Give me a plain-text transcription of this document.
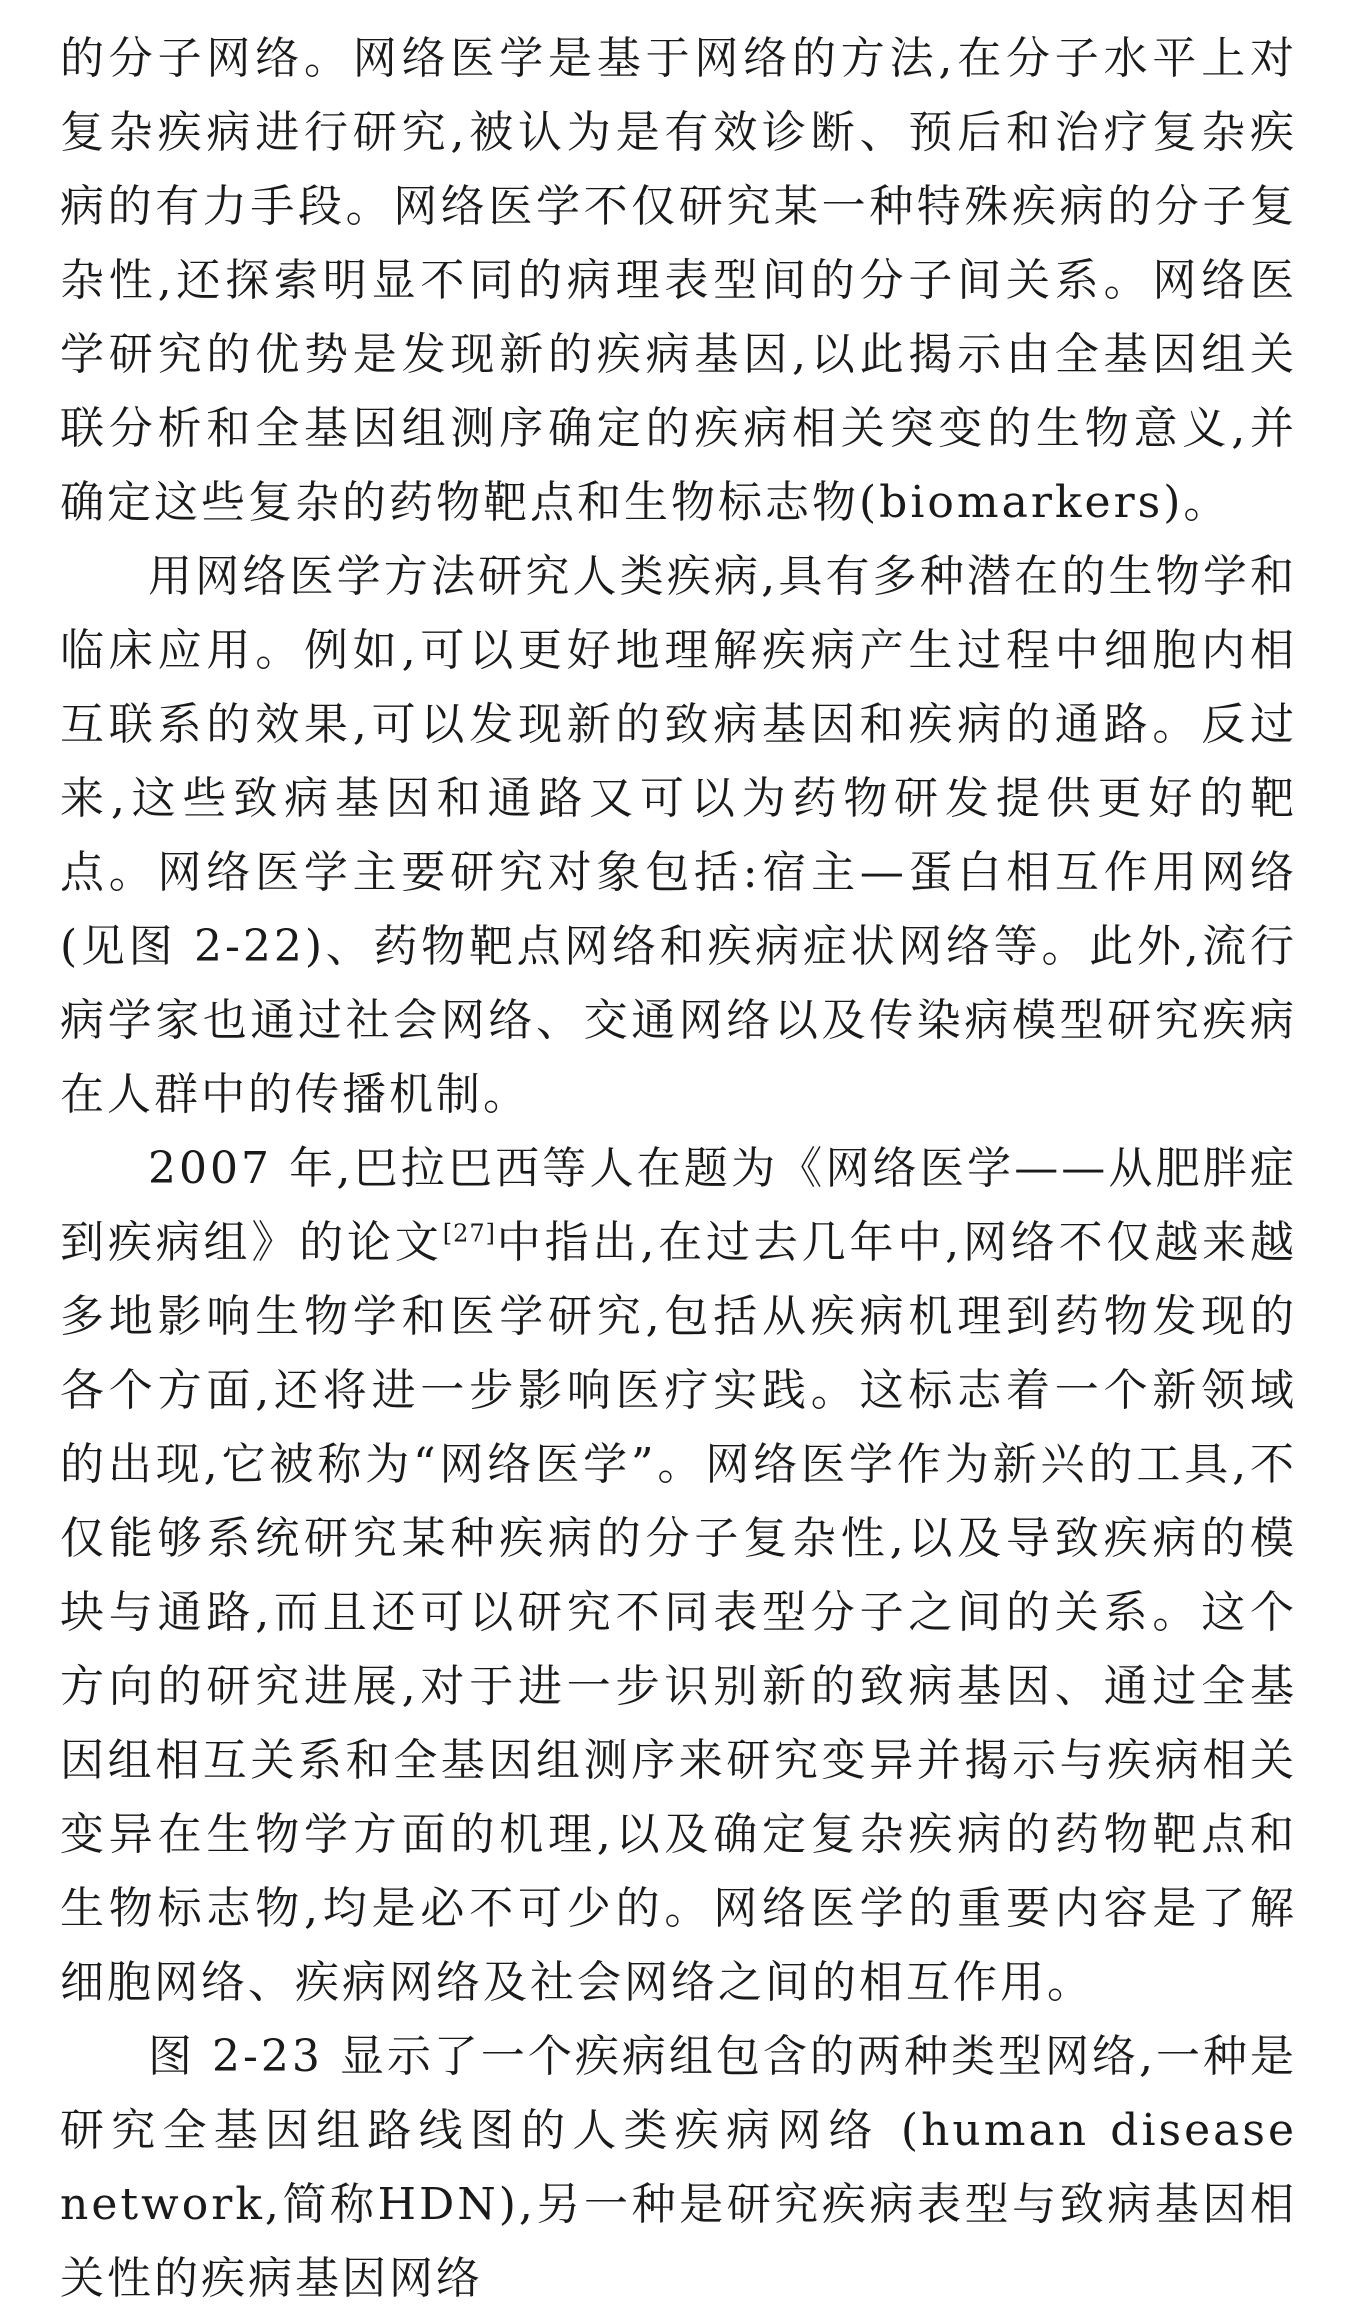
的分子网络。网络医学是基于网络的方法,在分子水平上对复杂疾病进行研究,被认为是有效诊断、预后和治疗复杂疾病的有力手段。网络医学不仅研究某一种特殊疾病的分子复杂性,还探索明显不同的病理表型间的分子间关系。网络医学研究的优势是发现新的疾病基因,以此揭示由全基因组关联分析和全基因组测序确定的疾病相关突变的生物意义,并确定这些复杂的药物靶点和生物标志物(biomarkers)。

用网络医学方法研究人类疾病,具有多种潜在的生物学和临床应用。例如,可以更好地理解疾病产生过程中细胞内相互联系的效果,可以发现新的致病基因和疾病的通路。反过来,这些致病基因和通路又可以为药物研发提供更好的靶点。网络医学主要研究对象包括:宿主—蛋白相互作用网络(见图 2-22)、药物靶点网络和疾病症状网络等。此外,流行病学家也通过社会网络、交通网络以及传染病模型研究疾病在人群中的传播机制。

2007 年,巴拉巴西等人在题为《网络医学——从肥胖症到疾病组》的论文[27]中指出,在过去几年中,网络不仅越来越多地影响生物学和医学研究,包括从疾病机理到药物发现的各个方面,还将进一步影响医疗实践。这标志着一个新领域的出现,它被称为“网络医学”。网络医学作为新兴的工具,不仅能够系统研究某种疾病的分子复杂性,以及导致疾病的模块与通路,而且还可以研究不同表型分子之间的关系。这个方向的研究进展,对于进一步识别新的致病基因、通过全基因组相互关系和全基因组测序来研究变异并揭示与疾病相关变异在生物学方面的机理,以及确定复杂疾病的药物靶点和生物标志物,均是必不可少的。网络医学的重要内容是了解细胞网络、疾病网络及社会网络之间的相互作用。

图 2-23 显示了一个疾病组包含的两种类型网络,一种是研究全基因组路线图的人类疾病网络 (human disease network,简称HDN),另一种是研究疾病表型与致病基因相关性的疾病基因网络
